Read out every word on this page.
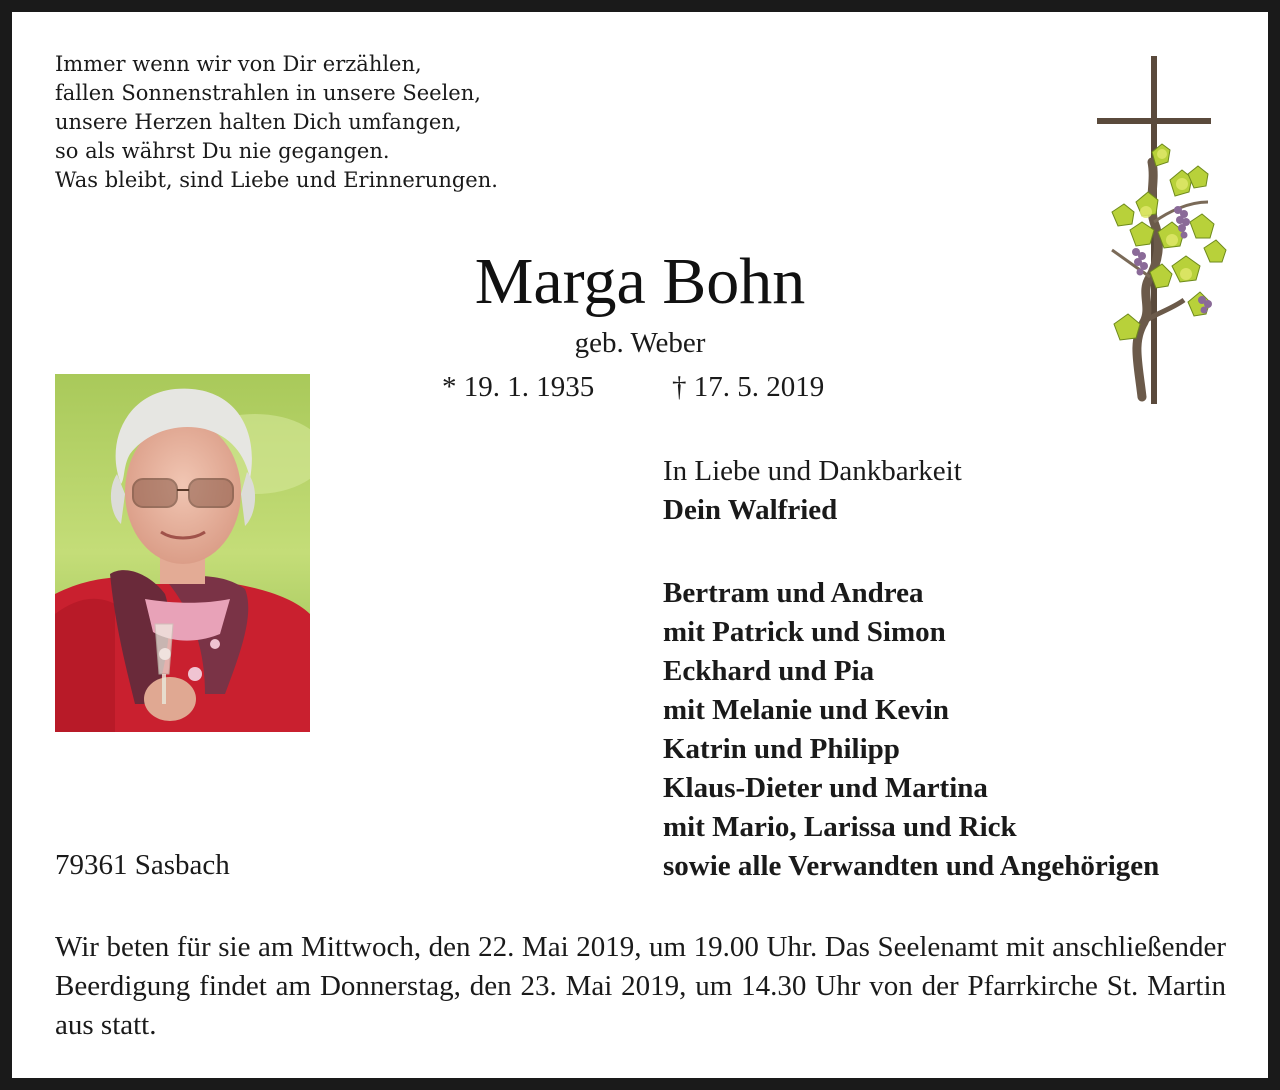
Immer wenn wir von Dir erzählen,
fallen Sonnenstrahlen in unsere Seelen,
unsere Herzen halten Dich umfangen,
so als währst Du nie gegangen.
Was bleibt, sind Liebe und Erinnerungen.
Marga Bohn
geb. Weber
* 19. 1. 1935	† 17. 5. 2019
In Liebe und Dankbarkeit
Dein Walfried
Bertram und Andrea
mit Patrick und Simon
Eckhard und Pia
mit Melanie und Kevin
Katrin und Philipp
Klaus-Dieter und Martina
mit Mario, Larissa und Rick
sowie alle Verwandten und Angehörigen
79361 Sasbach
Wir beten für sie am Mittwoch, den 22. Mai 2019, um 19.00 Uhr. Das Seelenamt mit anschließender Beerdigung findet am Donnerstag, den 23. Mai 2019, um 14.30 Uhr von der Pfarrkirche St. Martin aus statt.
